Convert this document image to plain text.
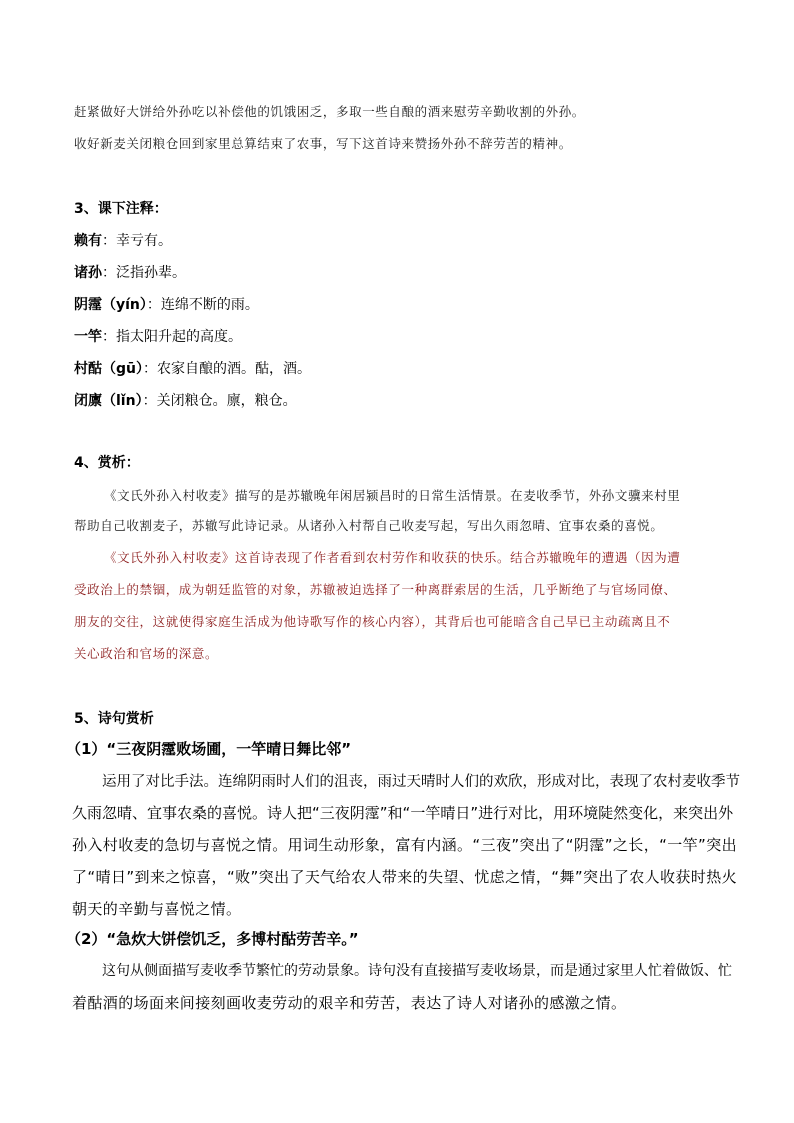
赶紧做好大饼给外孙吃以补偿他的饥饿困乏，多取一些自酿的酒来慰劳辛勤收割的外孙。

收好新麦关闭粮仓回到家里总算结束了农事，写下这首诗来赞扬外孙不辞劳苦的精神。

3、课下注释：

赖有：幸亏有。

诸孙：泛指孙辈。

阴霪（yín）：连绵不断的雨。

一竿：指太阳升起的高度。

村酤（gū）：农家自酿的酒。酤，酒。

闭廪（lǐn）：关闭粮仓。廪，粮仓。

4、赏析：

《文氏外孙入村收麦》描写的是苏辙晚年闲居颍昌时的日常生活情景。在麦收季节，外孙文骥来村里

帮助自己收割麦子，苏辙写此诗记录。从诸孙入村帮自己收麦写起，写出久雨忽晴、宜事农桑的喜悦。

《文氏外孙入村收麦》这首诗表现了作者看到农村劳作和收获的快乐。结合苏辙晚年的遭遇（因为遭

受政治上的禁锢，成为朝廷监管的对象，苏辙被迫选择了一种离群索居的生活，几乎断绝了与官场同僚、

朋友的交往，这就使得家庭生活成为他诗歌写作的核心内容），其背后也可能暗含自己早已主动疏离且不

关心政治和官场的深意。

5、诗句赏析

（1）“三夜阴霪败场圃，一竿晴日舞比邻”

运用了对比手法。连绵阴雨时人们的沮丧，雨过天晴时人们的欢欣，形成对比，表现了农村麦收季节

久雨忽晴、宜事农桑的喜悦。诗人把“三夜阴霪”和“一竿晴日”进行对比，用环境陡然变化，来突出外

孙入村收麦的急切与喜悦之情。用词生动形象，富有内涵。“三夜”突出了“阴霪”之长，“一竿”突出

了“晴日”到来之惊喜，“败”突出了天气给农人带来的失望、忧虑之情，“舞”突出了农人收获时热火

朝天的辛勤与喜悦之情。

（2）“急炊大饼偿饥乏，多博村酤劳苦辛。”

这句从侧面描写麦收季节繁忙的劳动景象。诗句没有直接描写麦收场景，而是通过家里人忙着做饭、忙

着酤酒的场面来间接刻画收麦劳动的艰辛和劳苦，表达了诗人对诸孙的感激之情。
